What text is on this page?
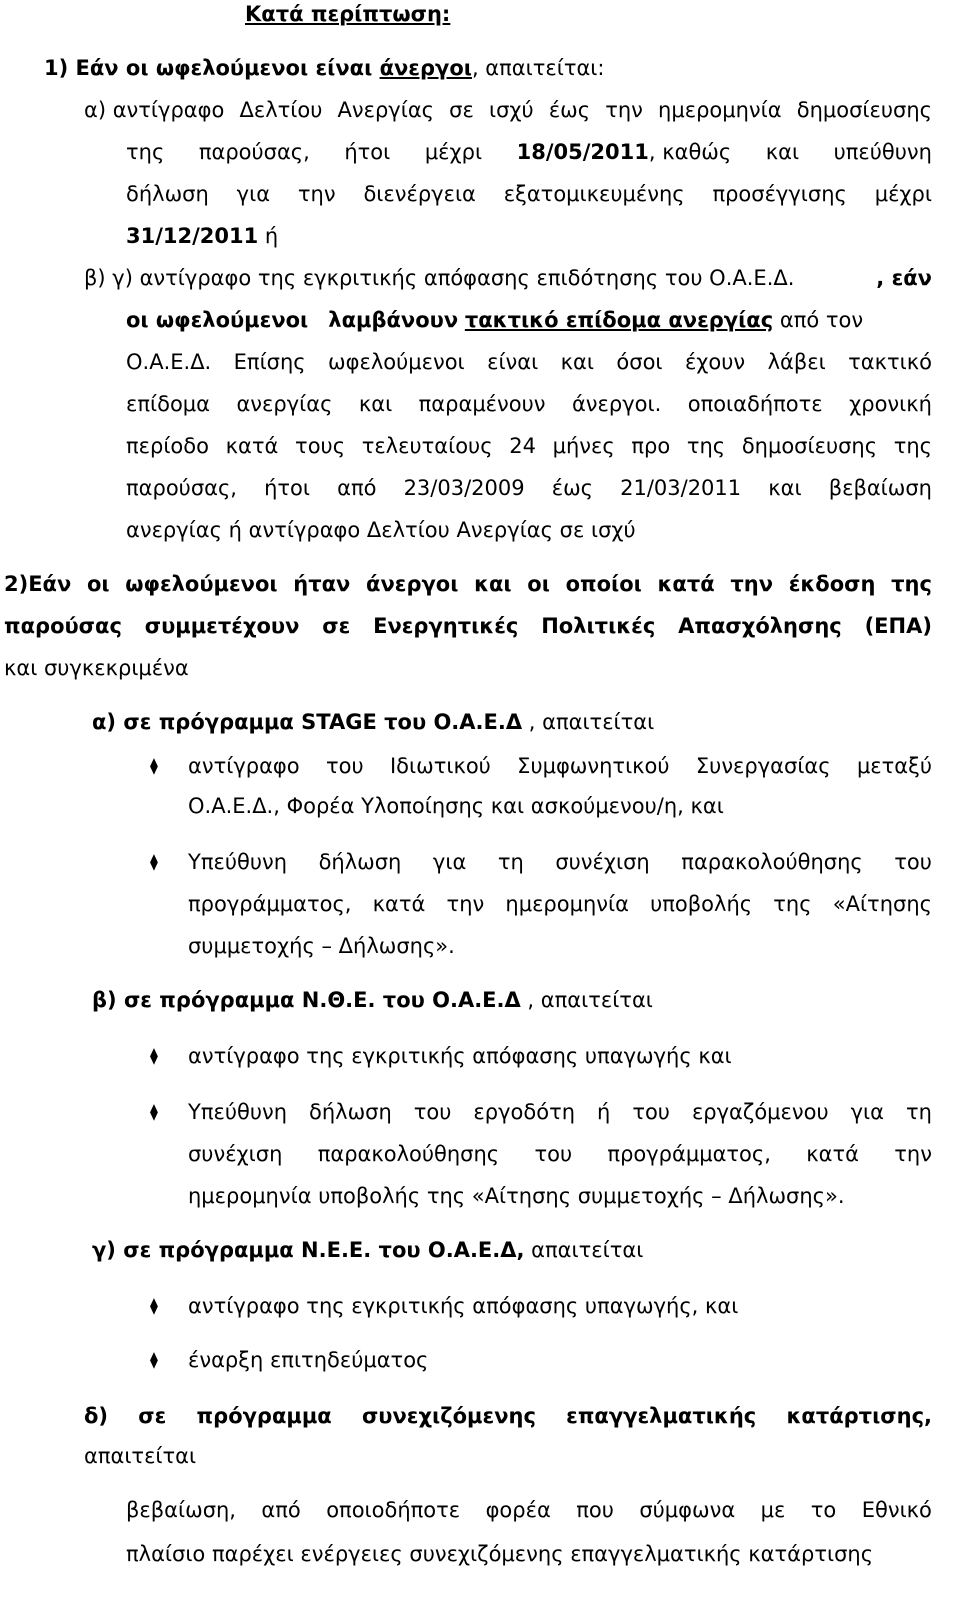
Κατά περίπτωση:
1) Εάν οι ωφελούμενοι είναι άνεργοι, απαιτείται:
α) αντίγραφο Δελτίου Ανεργίας σε ισχύ έως την ημερομηνία δημοσίευσης
της παρούσας, ήτοι μέχρι 18/05/2011, καθώς και υπεύθυνη
δήλωση για την διενέργεια εξατομικευμένης προσέγγισης μέχρι
31/12/2011 ή
β) γ) αντίγραφο της εγκριτικής απόφασης επιδότησης του Ο.Α.Ε.Δ.	, εάν
οι ωφελούμενοι λαμβάνουν τακτικό επίδομα ανεργίας από τον
Ο.Α.Ε.Δ. Επίσης ωφελούμενοι είναι και όσοι έχουν λάβει τακτικό
επίδομα ανεργίας και παραμένουν άνεργοι. οποιαδήποτε χρονική
περίοδο κατά τους τελευταίους 24 μήνες προ της δημοσίευσης της
παρούσας, ήτοι από 23/03/2009 έως 21/03/2011 και βεβαίωση
ανεργίας ή αντίγραφο Δελτίου Ανεργίας σε ισχύ
2)Εάν οι ωφελούμενοι ήταν άνεργοι και οι οποίοι κατά την έκδοση της
παρούσας συμμετέχουν σε Ενεργητικές Πολιτικές Απασχόλησης (ΕΠΑ)
και συγκεκριμένα
α) σε πρόγραμμα STAGE του Ο.Α.Ε.Δ , απαιτείται
⧫ αντίγραφο του Ιδιωτικού Συμφωνητικού Συνεργασίας μεταξύ
Ο.Α.Ε.Δ., Φορέα Υλοποίησης και ασκούμενου/η, και
⧫ Υπεύθυνη δήλωση για τη συνέχιση παρακολούθησης του
προγράμματος, κατά την ημερομηνία υποβολής της «Αίτησης
συμμετοχής – Δήλωσης».
β) σε πρόγραμμα Ν.Θ.Ε. του Ο.Α.Ε.Δ , απαιτείται
⧫ αντίγραφο της εγκριτικής απόφασης υπαγωγής και
⧫ Υπεύθυνη δήλωση του εργοδότη ή του εργαζόμενου για τη
συνέχιση παρακολούθησης του προγράμματος, κατά την
ημερομηνία υποβολής της «Αίτησης συμμετοχής – Δήλωσης».
γ) σε πρόγραμμα Ν.Ε.Ε. του Ο.Α.Ε.Δ, απαιτείται
⧫ αντίγραφο της εγκριτικής απόφασης υπαγωγής, και
⧫ έναρξη επιτηδεύματος
δ) σε πρόγραμμα συνεχιζόμενης επαγγελματικής κατάρτισης,
απαιτείται
βεβαίωση, από οποιοδήποτε φορέα που σύμφωνα με το Εθνικό
πλαίσιο παρέχει ενέργειες συνεχιζόμενης επαγγελματικής κατάρτισης
